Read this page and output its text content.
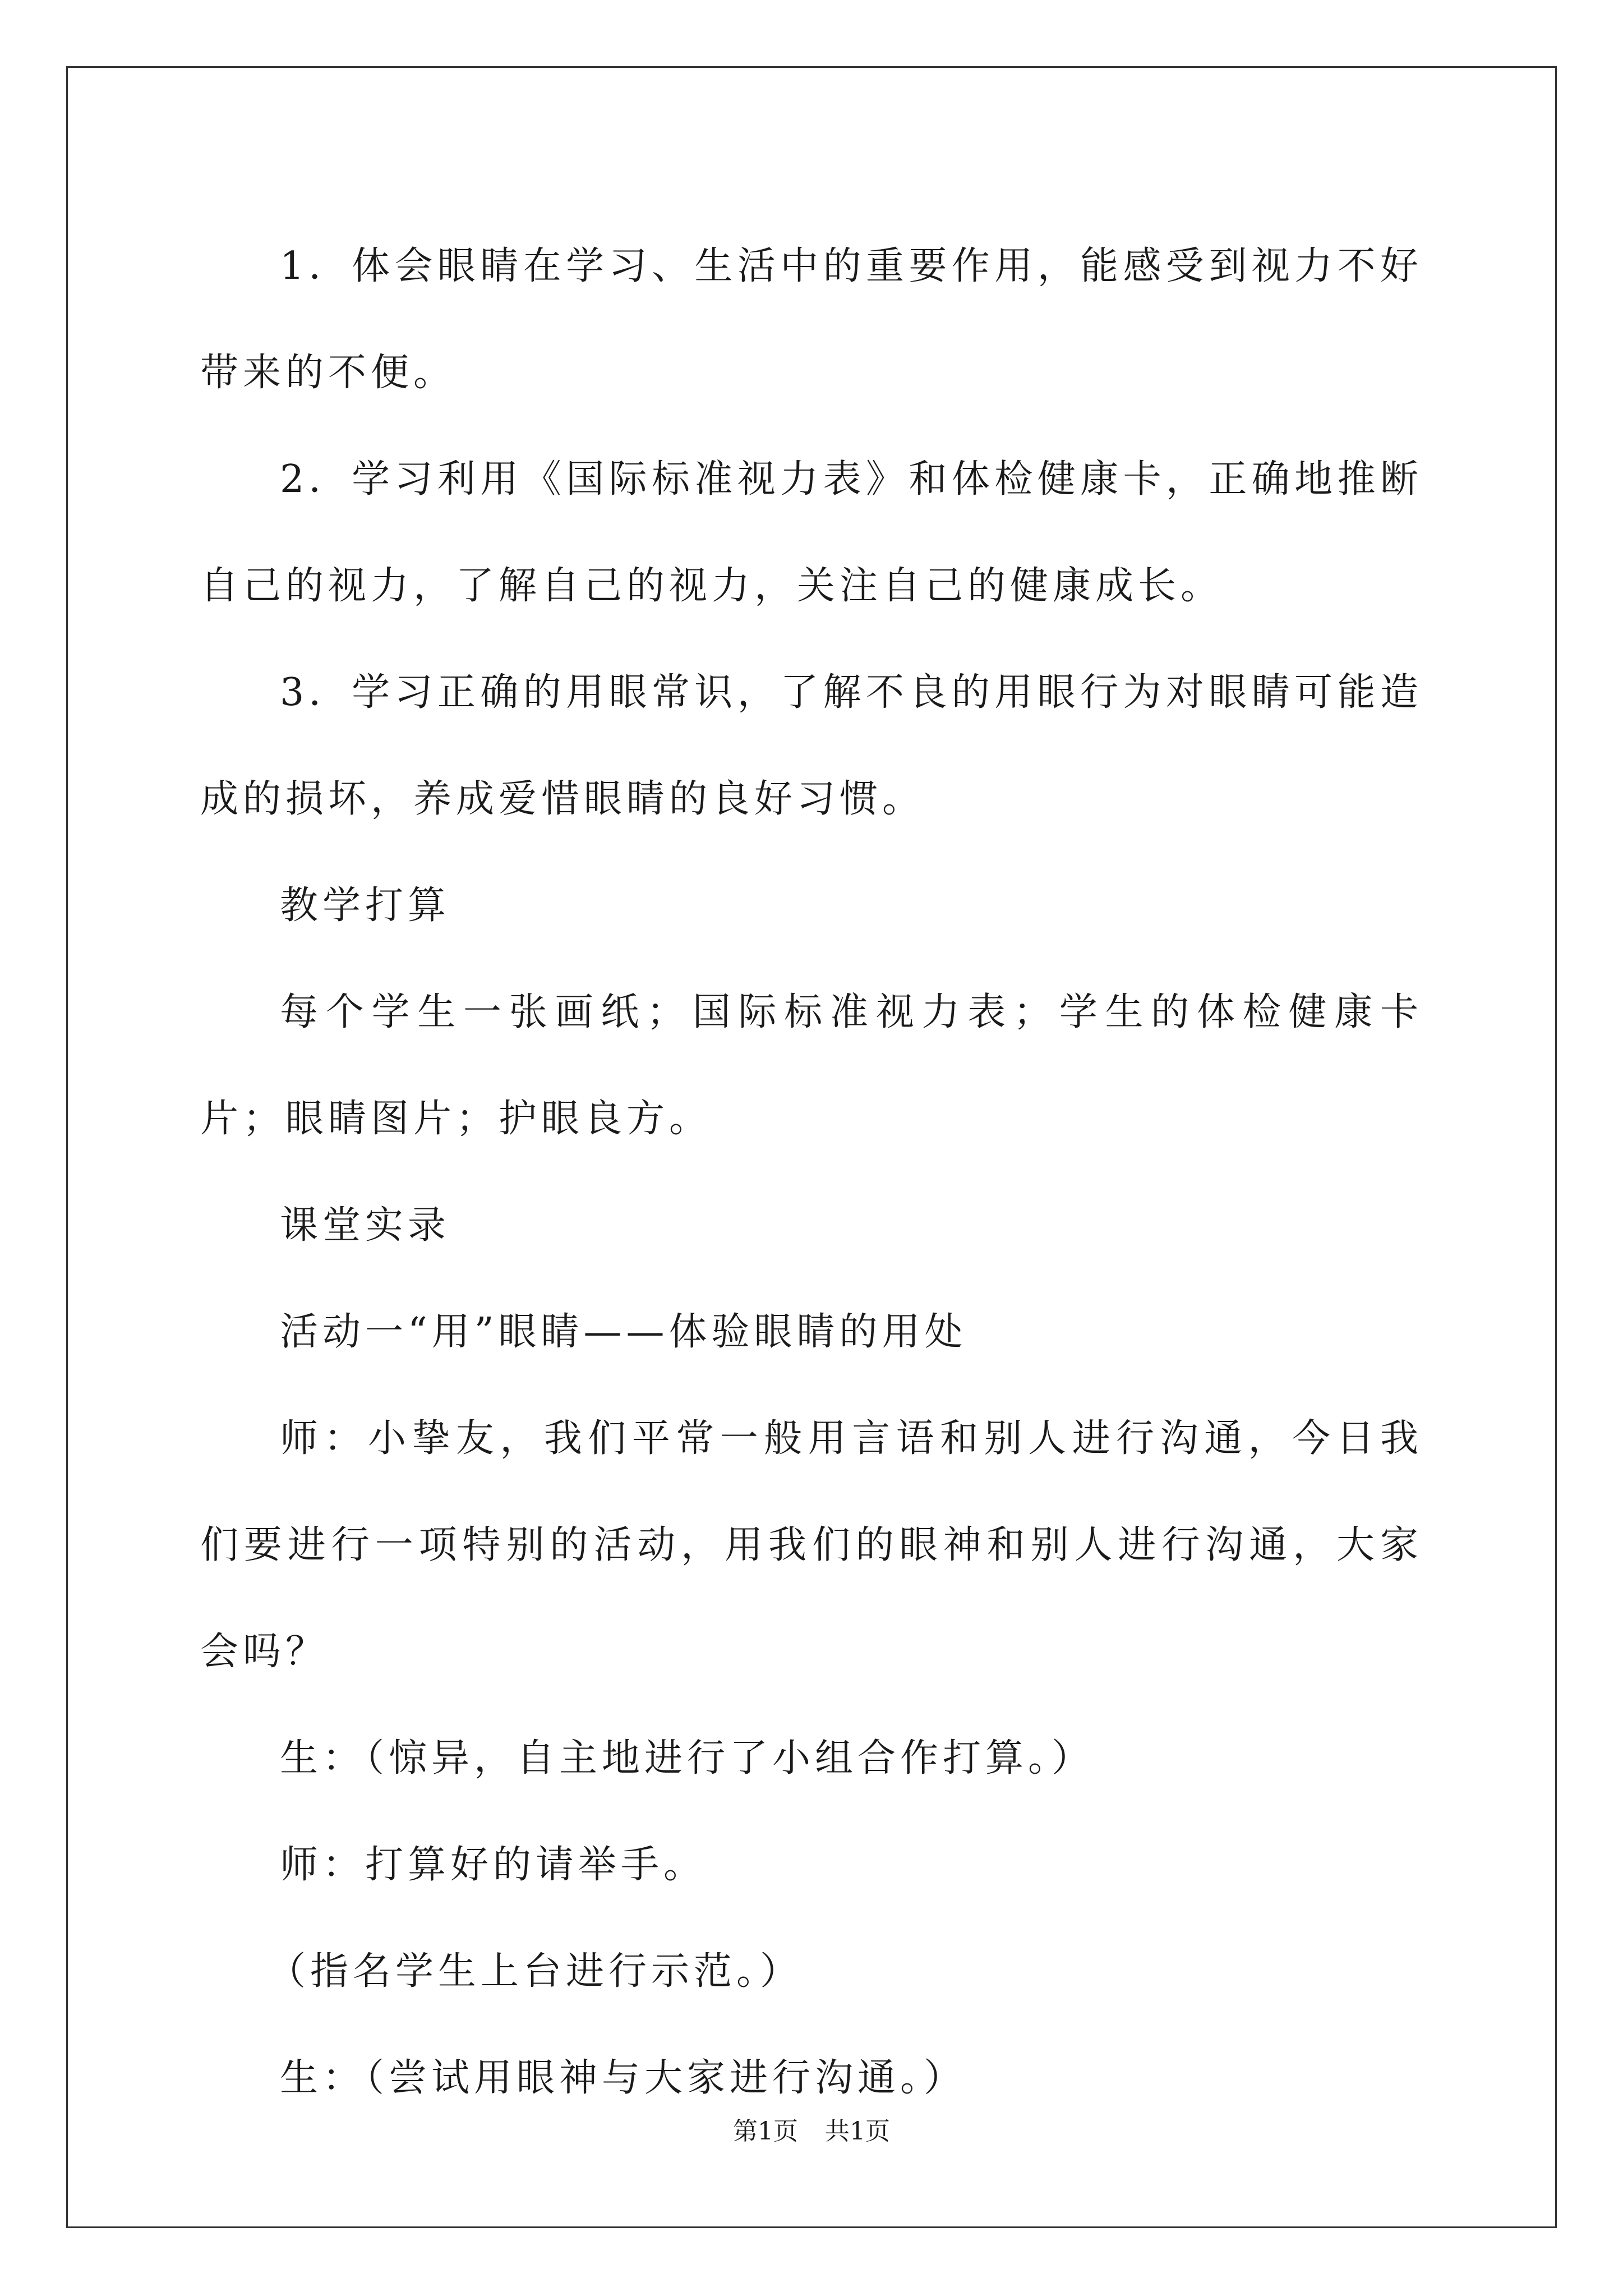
1．体会眼睛在学习、生活中的重要作用，能感受到视力不好带来的不便。

2．学习利用《国际标准视力表》和体检健康卡，正确地推断自己的视力，了解自己的视力，关注自己的健康成长。

3．学习正确的用眼常识，了解不良的用眼行为对眼睛可能造成的损坏，养成爱惜眼睛的良好习惯。

教学打算

每个学生一张画纸；国际标准视力表；学生的体检健康卡片；眼睛图片；护眼良方。

课堂实录

活动一“用”眼睛——体验眼睛的用处

师：小挚友，我们平常一般用言语和别人进行沟通，今日我们要进行一项特别的活动，用我们的眼神和别人进行沟通，大家会吗？

生：（惊异，自主地进行了小组合作打算。）

师：打算好的请举手。

（指名学生上台进行示范。）

生：（尝试用眼神与大家进行沟通。）

第1页 共1页
